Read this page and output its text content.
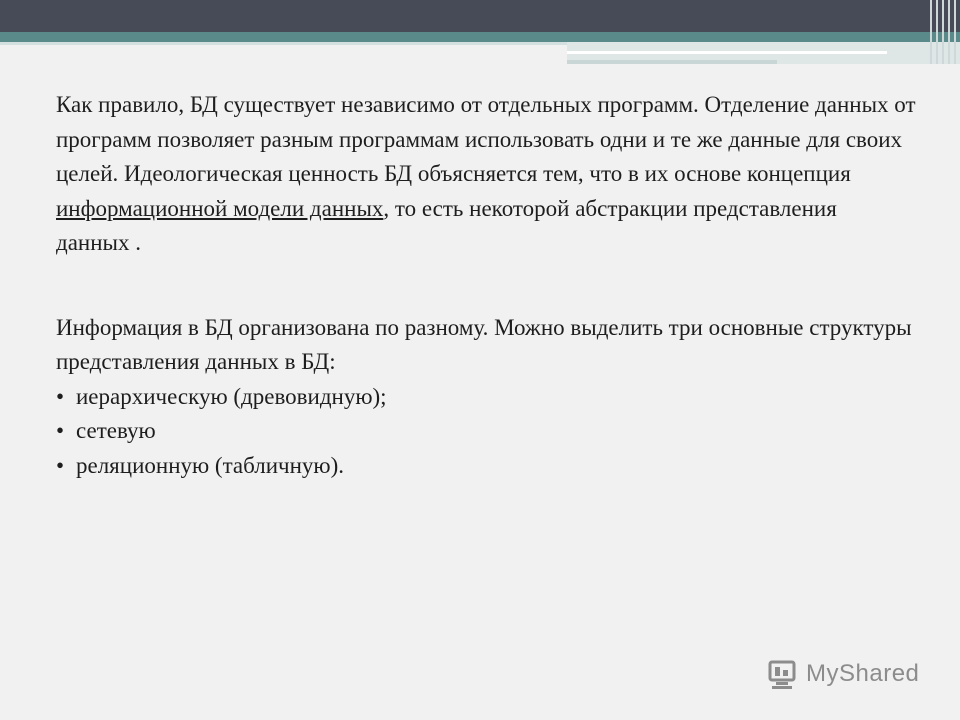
Как правило, БД существует независимо от отдельных программ. Отделение данных от программ позволяет разным программам использовать одни и те же данные для своих целей. Идеологическая ценность БД объясняется тем, что в их основе концепция информационной модели данных, то есть некоторой абстракции представления данных .

Информация в БД организована по разному. Можно выделить три основные структуры представления данных в БД:

• иерархическую (древовидную);
• сетевую
• реляционную (табличную).
MyShared
